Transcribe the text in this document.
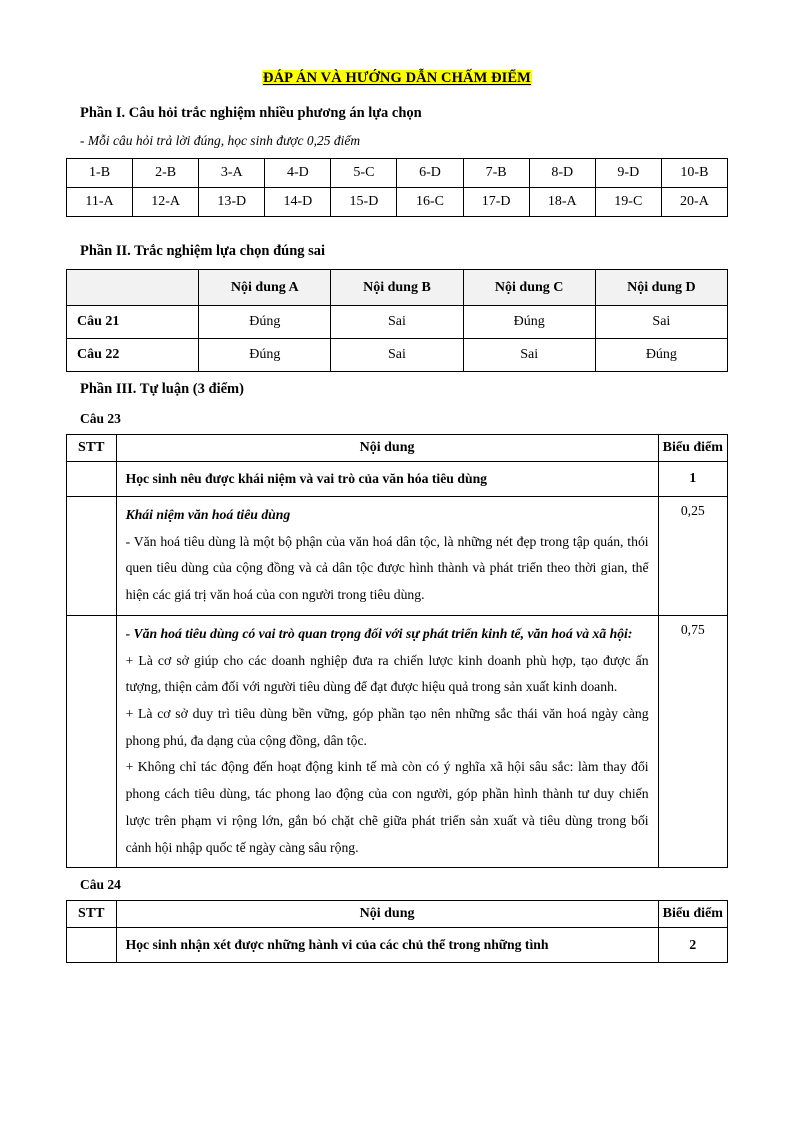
ĐÁP ÁN VÀ HƯỚNG DẪN CHẤM ĐIỂM
Phần I. Câu hỏi trắc nghiệm nhiều phương án lựa chọn
- Mỗi câu hỏi trả lời đúng, học sinh được 0,25 điểm
1-B	2-B	3-A	4-D	5-C	6-D	7-B	8-D	9-D	10-B
11-A	12-A	13-D	14-D	15-D	16-C	17-D	18-A	19-C	20-A
Phần II. Trắc nghiệm lựa chọn đúng sai
	Nội dung A	Nội dung B	Nội dung C	Nội dung D
Câu 21	Đúng	Sai	Đúng	Sai
Câu 22	Đúng	Sai	Sai	Đúng
Phần III. Tự luận (3 điểm)
Câu 23
STT	Nội dung	Biểu điểm

	Học sinh nêu được khái niệm và vai trò của văn hóa tiêu dùng	1

	Khái niệm văn hoá tiêu dùng

- Văn hoá tiêu dùng là một bộ phận của văn hoá dân tộc, là những nét đẹp trong tập quán, thói quen tiêu dùng của cộng đồng và cả dân tộc được hình thành và phát triển theo thời gian, thể hiện các giá trị văn hoá của con người trong tiêu dùng.	0,25

	- Văn hoá tiêu dùng có vai trò quan trọng đối với sự phát triển kinh tế, văn hoá và xã hội:

+ Là cơ sở giúp cho các doanh nghiệp đưa ra chiến lược kinh doanh phù hợp, tạo được ấn tượng, thiện cảm đối với người tiêu dùng để đạt được hiệu quả trong sản xuất kinh doanh.

+ Là cơ sở duy trì tiêu dùng bền vững, góp phần tạo nên những sắc thái văn hoá ngày càng phong phú, đa dạng của cộng đồng, dân tộc.

+ Không chỉ tác động đến hoạt động kinh tế mà còn có ý nghĩa xã hội sâu sắc: làm thay đổi phong cách tiêu dùng, tác phong lao động của con người, góp phần hình thành tư duy chiến lược trên phạm vi rộng lớn, gắn bó chặt chẽ giữa phát triển sản xuất và tiêu dùng trong bối cảnh hội nhập quốc tế ngày càng sâu rộng.	0,75
Câu 24
STT	Nội dung	Biểu điểm

	Học sinh nhận xét được những hành vi của các chủ thể trong những tình	2
